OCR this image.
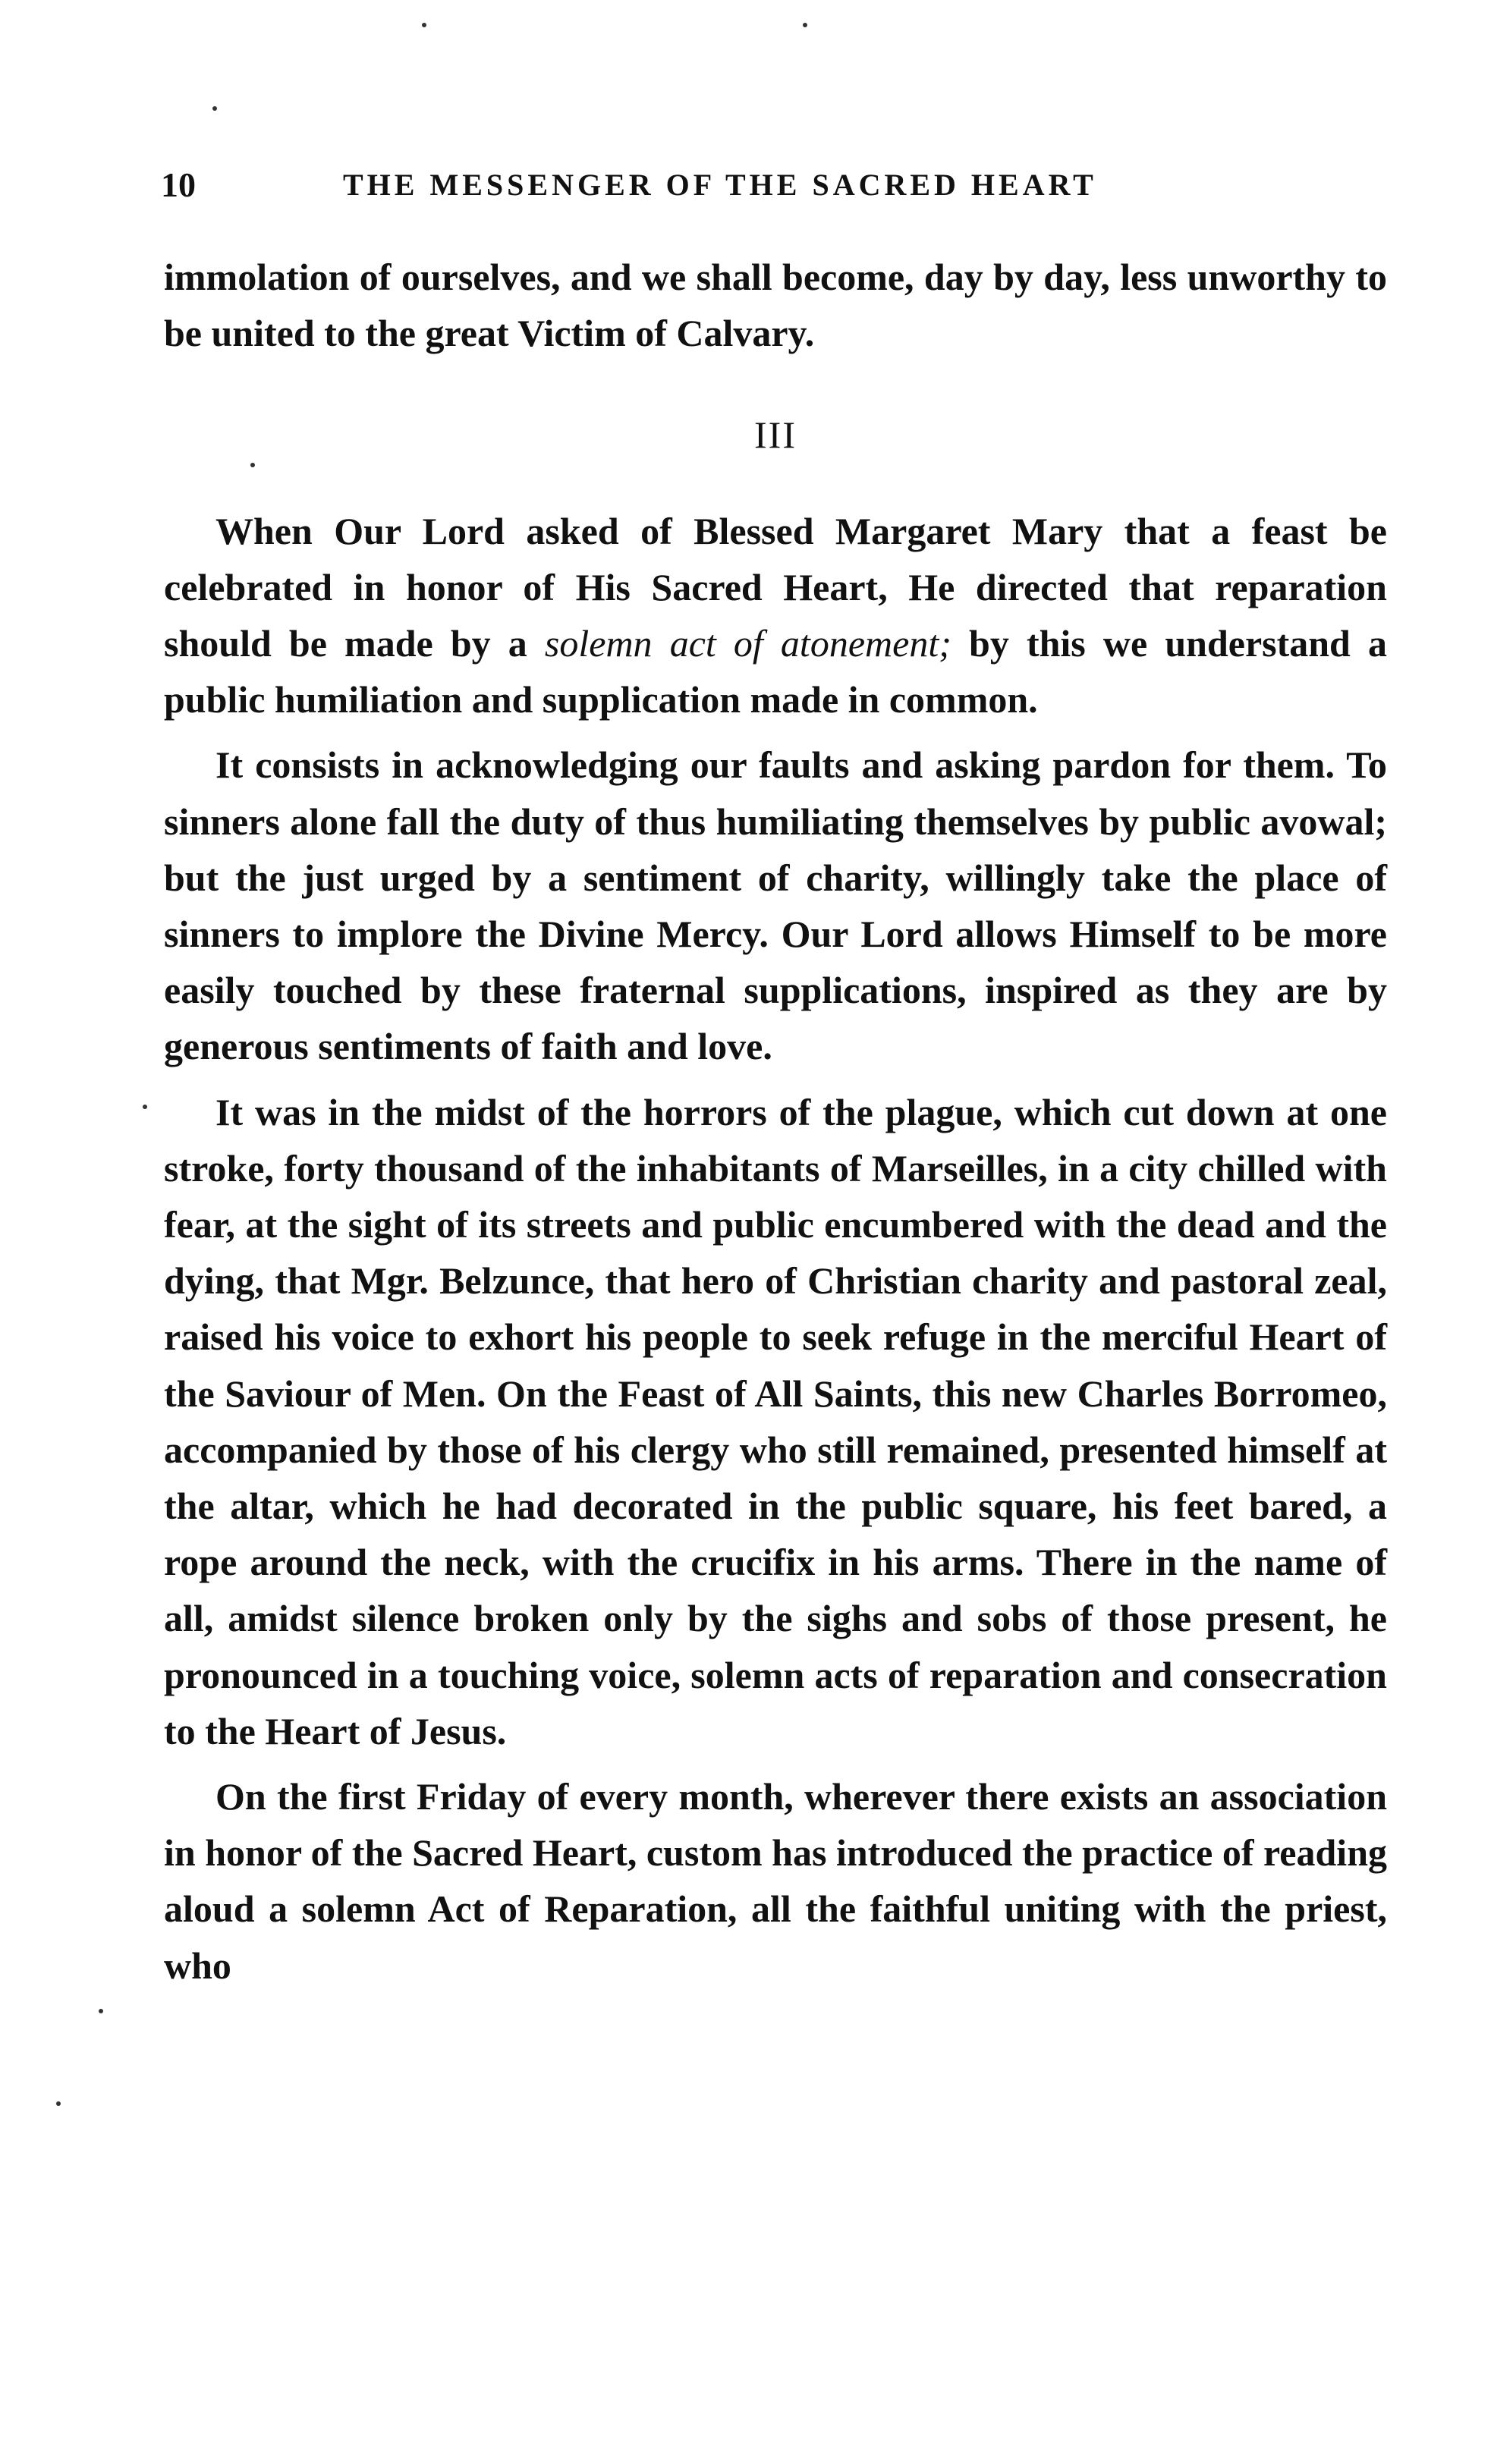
10	THE MESSENGER OF THE SACRED HEART

immolation of ourselves, and we shall become, day by day, less unworthy to be united to the great Victim of Calvary.

III

When Our Lord asked of Blessed Margaret Mary that a feast be celebrated in honor of His Sacred Heart, He directed that reparation should be made by a solemn act of atonement; by this we understand a public humiliation and supplication made in common.

It consists in acknowledging our faults and asking pardon for them. To sinners alone fall the duty of thus humiliating themselves by public avowal; but the just urged by a sentiment of charity, willingly take the place of sinners to implore the Divine Mercy. Our Lord allows Himself to be more easily touched by these fraternal supplications, inspired as they are by generous sentiments of faith and love.

It was in the midst of the horrors of the plague, which cut down at one stroke, forty thousand of the inhabitants of Marseilles, in a city chilled with fear, at the sight of its streets and public encumbered with the dead and the dying, that Mgr. Belzunce, that hero of Christian charity and pastoral zeal, raised his voice to exhort his people to seek refuge in the merciful Heart of the Saviour of Men. On the Feast of All Saints, this new Charles Borromeo, accompanied by those of his clergy who still remained, presented himself at the altar, which he had decorated in the public square, his feet bared, a rope around the neck, with the crucifix in his arms. There in the name of all, amidst silence broken only by the sighs and sobs of those present, he pronounced in a touching voice, solemn acts of reparation and consecration to the Heart of Jesus.

On the first Friday of every month, wherever there exists an association in honor of the Sacred Heart, custom has introduced the practice of reading aloud a solemn Act of Reparation, all the faithful uniting with the priest, who
